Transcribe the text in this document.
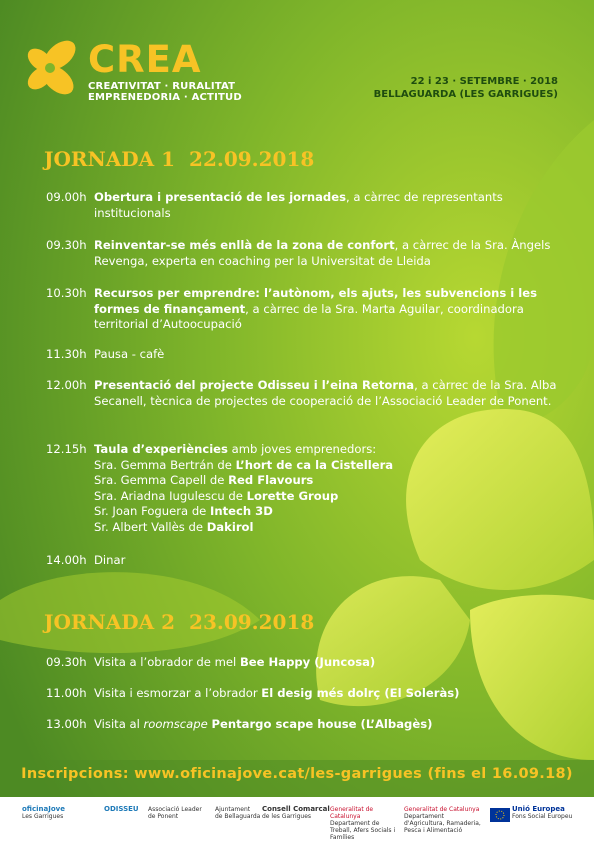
CREA
CREATIVITAT · RURALITAT
EMPRENEDORIA · ACTITUD
22 i 23 · SETEMBRE · 2018
BELLAGUARDA (LES GARRIGUES)
JORNADA 1 22.09.2018
09.00h Obertura i presentació de les jornades, a càrrec de representants institucionals
09.30h Reinventar-se més enllà de la zona de confort, a càrrec de la Sra. Àngels Revenga, experta en coaching per la Universitat de Lleida
10.30h Recursos per emprendre: l’autònom, els ajuts, les subvencions i les formes de finançament, a càrrec de la Sra. Marta Aguilar, coordinadora territorial d’Autoocupació
11.30h Pausa - cafè
12.00h Presentació del projecte Odisseu i l’eina Retorna, a càrrec de la Sra. Alba Secanell, tècnica de projectes de cooperació de l’Associació Leader de Ponent.
12.15h Taula d’experiències amb joves emprenedors:
Sra. Gemma Bertrán de L’hort de ca la Cistellera
Sra. Gemma Capell de Red Flavours
Sra. Ariadna Iugulescu de Lorette Group
Sr. Joan Foguera de Intech 3D
Sr. Albert Vallès de Dakirol
14.00h Dinar
JORNADA 2 23.09.2018
09.30h Visita a l’obrador de mel Bee Happy (Juncosa)
11.00h Visita i esmorzar a l’obrador El desig més dolrç (El Soleràs)
13.00h Visita al roomscape Pentargo scape house (L’Albagès)
Inscripcions: www.oficinajove.cat/les-garrigues (fins el 16.09.18)
oficinaJove
Les Garrigues
ODISSEU Associació Leader
de Ponent
Ajuntament
de Bellaguarda
Consell Comarcal
de les Garrigues
Generalitat de Catalunya
Departament de Treball, Afers Socials i Famílies
Generalitat de Catalunya
Departament d'Agricultura, Ramaderia, Pesca i Alimentació
Unió Europea
Fons Social Europeu
